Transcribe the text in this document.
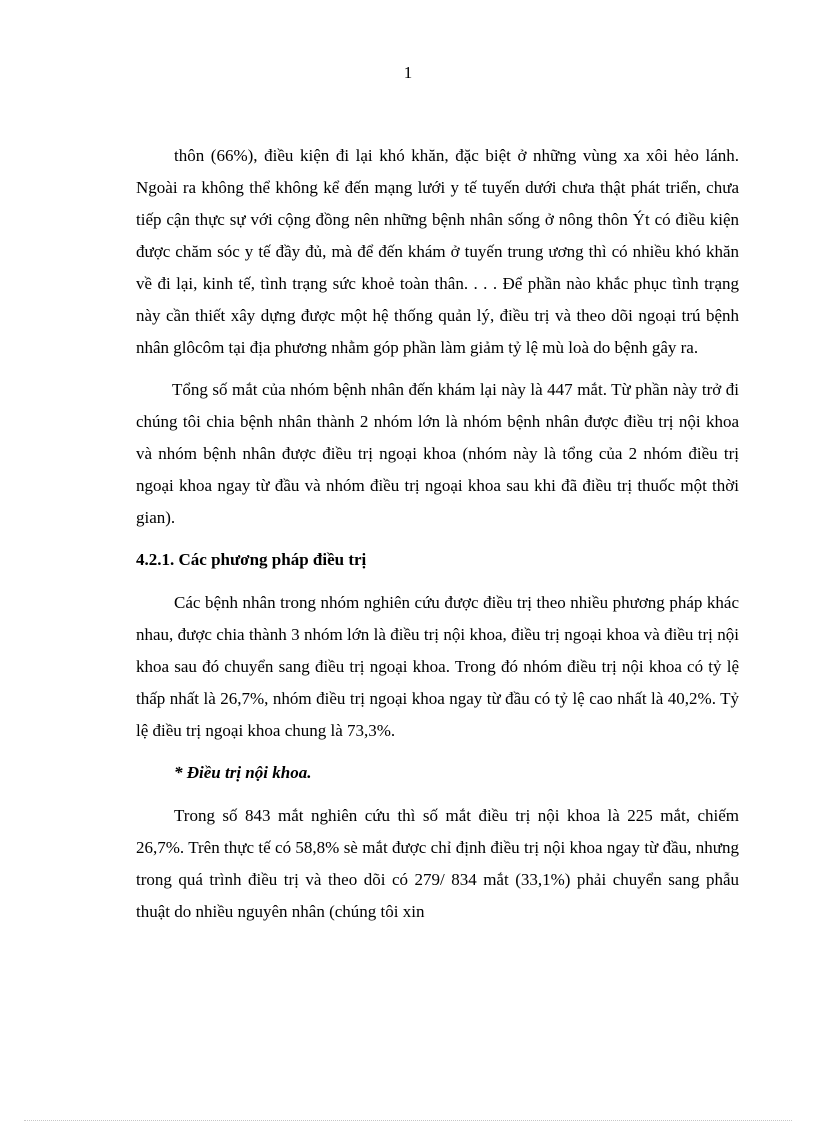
1

thôn (66%), điều kiện đi lại khó khăn, đặc biệt ở những vùng xa xôi hẻo lánh. Ngoài ra không thể không kể đến mạng lưới y tế tuyến dưới chưa thật phát triển, chưa tiếp cận thực sự với cộng đồng nên những bệnh nhân sống ở nông thôn Ýt có điều kiện được chăm sóc y tế đầy đủ, mà để đến khám ở tuyến trung ương thì có nhiều khó khăn về đi lại, kinh tế, tình trạng sức khoẻ toàn thân. . . . Để phần nào khắc phục tình trạng này cần thiết xây dựng được một hệ thống quản lý, điều trị và theo dõi ngoại trú bệnh nhân glôcôm tại địa phương nhằm góp phần làm giảm tỷ lệ mù loà do bệnh gây ra.

Tổng số mắt của nhóm bệnh nhân đến khám lại này là 447 mắt. Từ phần này trở đi chúng tôi chia bệnh nhân thành 2 nhóm lớn là nhóm bệnh nhân được điều trị nội khoa và nhóm bệnh nhân được điều trị ngoại khoa (nhóm này là tổng của 2 nhóm điều trị ngoại khoa ngay từ đầu và nhóm điều trị ngoại khoa sau khi đã điều trị thuốc một thời gian).

4.2.1. Các phương pháp điều trị

Các bệnh nhân trong nhóm nghiên cứu được điều trị theo nhiều phương pháp khác nhau, được chia thành 3 nhóm lớn là điều trị nội khoa, điều trị ngoại khoa và điều trị nội khoa sau đó chuyển sang điều trị ngoại khoa. Trong đó nhóm điều trị nội khoa có tỷ lệ thấp nhất là 26,7%, nhóm điều trị ngoại khoa ngay từ đầu có tỷ lệ cao nhất là 40,2%. Tỷ lệ điều trị ngoại khoa chung là 73,3%.

* Điều trị nội khoa.

Trong số 843 mắt nghiên cứu thì số mắt điều trị nội khoa là 225 mắt, chiếm 26,7%. Trên thực tế có 58,8% sè mắt được chỉ định điều trị nội khoa ngay từ đầu, nhưng trong quá trình điều trị và theo dõi có 279/ 834 mắt (33,1%) phải chuyển sang phẫu thuật do nhiều nguyên nhân (chúng tôi xin
